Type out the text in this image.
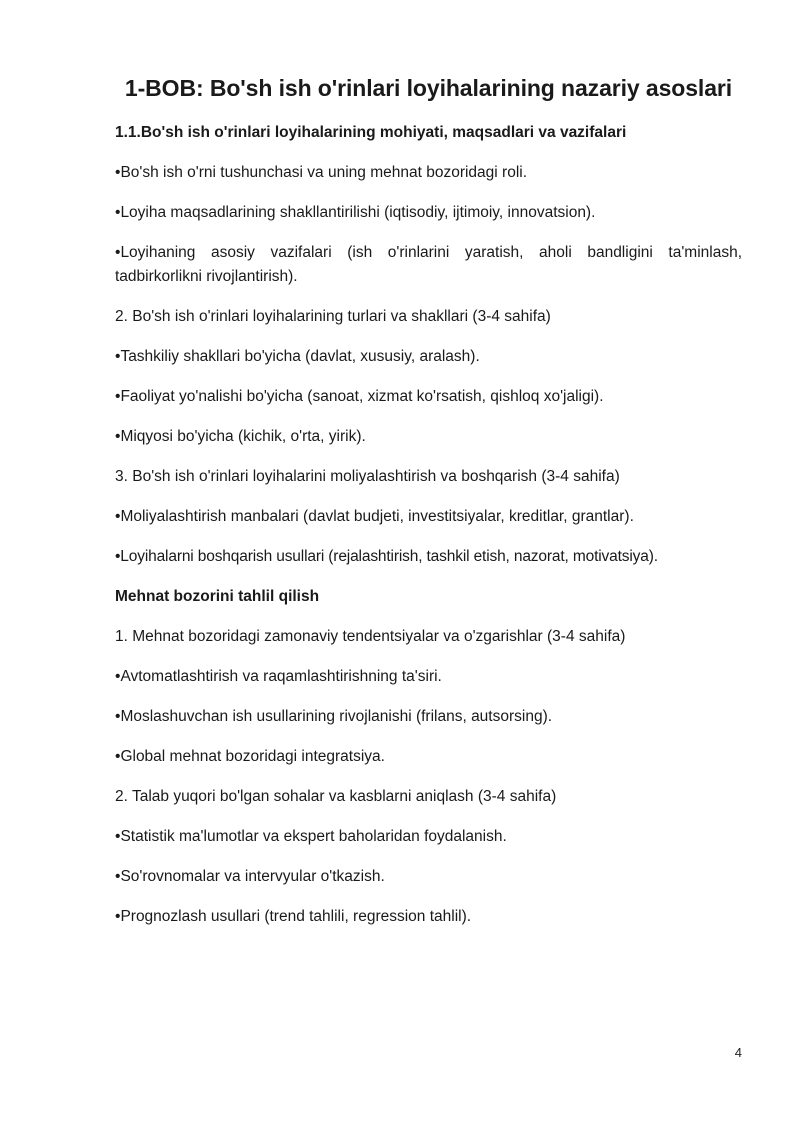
1-BOB: Bo'sh ish o'rinlari loyihalarining nazariy asoslari

1.1.Bo'sh ish o'rinlari loyihalarining mohiyati, maqsadlari va vazifalari

•Bo'sh ish o'rni tushunchasi va uning mehnat bozoridagi roli.

•Loyiha maqsadlarining shakllantirilishi (iqtisodiy, ijtimoiy, innovatsion).

•Loyihaning asosiy vazifalari (ish o'rinlarini yaratish, aholi bandligini ta'minlash, tadbirkorlikni rivojlantirish).

2. Bo'sh ish o'rinlari loyihalarining turlari va shakllari (3-4 sahifa)

•Tashkiliy shakllari bo'yicha (davlat, xususiy, aralash).

•Faoliyat yo'nalishi bo'yicha (sanoat, xizmat ko'rsatish, qishloq xo'jaligi).

•Miqyosi bo'yicha (kichik, o'rta, yirik).

3. Bo'sh ish o'rinlari loyihalarini moliyalashtirish va boshqarish (3-4 sahifa)

•Moliyalashtirish manbalari (davlat budjeti, investitsiyalar, kreditlar, grantlar).

•Loyihalarni boshqarish usullari (rejalashtirish, tashkil etish, nazorat, motivatsiya).

Mehnat bozorini tahlil qilish

1. Mehnat bozoridagi zamonaviy tendentsiyalar va o'zgarishlar (3-4 sahifa)

•Avtomatlashtirish va raqamlashtirishning ta'siri.

•Moslashuvchan ish usullarining rivojlanishi (frilans, autsorsing).

•Global mehnat bozoridagi integratsiya.

2. Talab yuqori bo'lgan sohalar va kasblarni aniqlash (3-4 sahifa)

•Statistik ma'lumotlar va ekspert baholaridan foydalanish.

•So'rovnomalar va intervyular o'tkazish.

•Prognozlash usullari (trend tahlili, regression tahlil).

4
